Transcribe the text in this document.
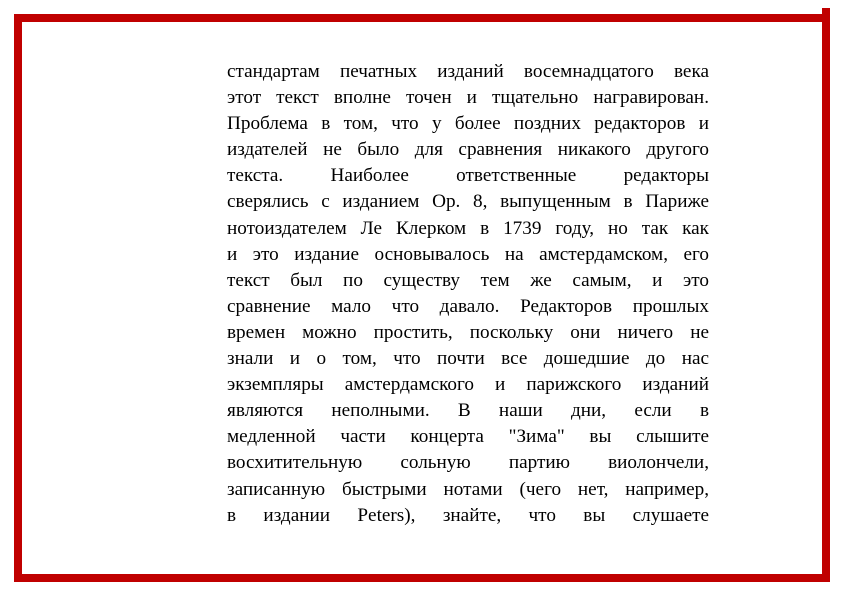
стандартам печатных изданий восемнадцатого века
этот текст вполне точен и тщательно награвирован.
Проблема в том, что у более поздних редакторов и
издателей не было для сравнения никакого другого
текста. Наиболее ответственные редакторы
сверялись с изданием Op. 8, выпущенным в Париже
нотоиздателем Ле Клерком в 1739 году, но так как
и это издание основывалось на амстердамском, его
текст был по существу тем же самым, и это
сравнение мало что давало. Редакторов прошлых
времен можно простить, поскольку они ничего не
знали и о том, что почти все дошедшие до нас
экземпляры амстердамского и парижского изданий
являются неполными. В наши дни, если в
медленной части концерта "Зима" вы слышите
восхитительную сольную партию виолончели,
записанную быстрыми нотами (чего нет, например,
в издании Peters), знайте, что вы слушаете
